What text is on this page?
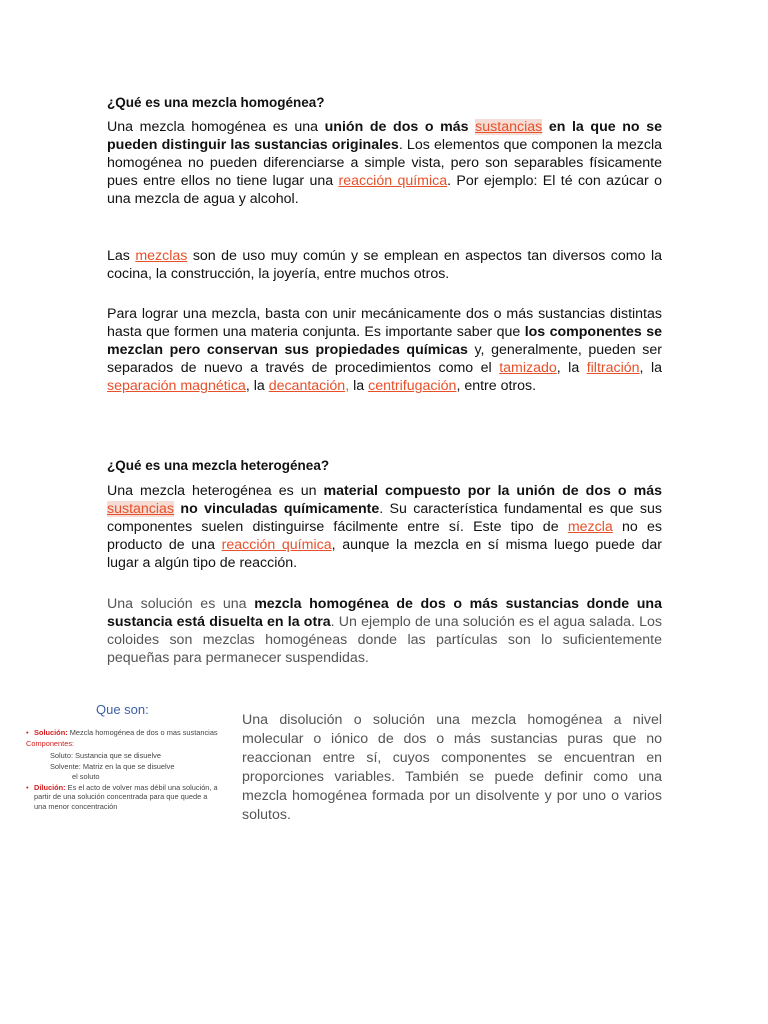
¿Qué es una mezcla homogénea?

Una mezcla homogénea es una unión de dos o más sustancias en la que no se pueden distinguir las sustancias originales. Los elementos que componen la mezcla homogénea no pueden diferenciarse a simple vista, pero son separables físicamente pues entre ellos no tiene lugar una reacción química. Por ejemplo: El té con azúcar o una mezcla de agua y alcohol.

Las mezclas son de uso muy común y se emplean en aspectos tan diversos como la cocina, la construcción, la joyería, entre muchos otros.

Para lograr una mezcla, basta con unir mecánicamente dos o más sustancias distintas hasta que formen una materia conjunta. Es importante saber que los componentes se mezclan pero conservan sus propiedades químicas y, generalmente, pueden ser separados de nuevo a través de procedimientos como el tamizado, la filtración, la separación magnética, la decantación, la centrifugación, entre otros.

¿Qué es una mezcla heterogénea?

Una mezcla heterogénea es un material compuesto por la unión de dos o más sustancias no vinculadas químicamente. Su característica fundamental es que sus componentes suelen distinguirse fácilmente entre sí. Este tipo de mezcla no es producto de una reacción química, aunque la mezcla en sí misma luego puede dar lugar a algún tipo de reacción.

Una solución es una mezcla homogénea de dos o más sustancias donde una sustancia está disuelta en la otra. Un ejemplo de una solución es el agua salada. Los coloides son mezclas homogéneas donde las partículas son lo suficientemente pequeñas para permanecer suspendidas.

Que son:
• Solución: Mezcla homogénea de dos o mas sustancias
Componentes:
Soluto: Sustancia que se disuelve
Solvente: Matriz en la que se disuelve
el soluto
• Dilución: Es el acto de volver mas débil una solución, a partir de una solución concentrada para que quede a una menor concentración

Una disolución o solución una mezcla homogénea a nivel molecular o iónico de dos o más sustancias puras que no reaccionan entre sí, cuyos componentes se encuentran en proporciones variables. También se puede definir como una mezcla homogénea formada por un disolvente y por uno o varios solutos.
